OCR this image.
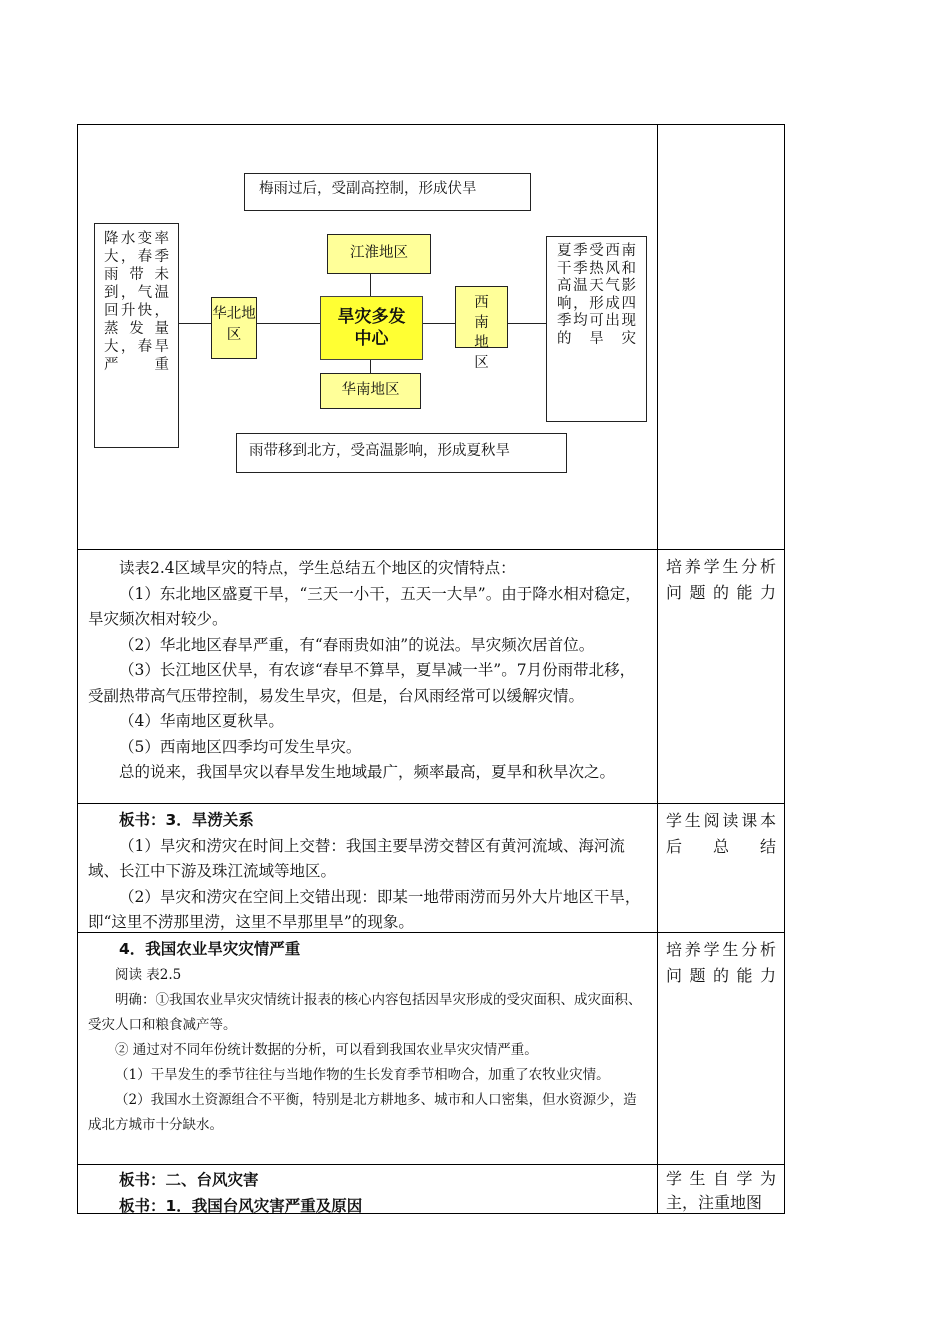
读表2.4区域旱灾的特点，学生总结五个地区的灾情特点：

（1）东北地区盛夏干旱，“三天一小干，五天一大旱”。由于降水相对稳定，旱灾频次相对较少。

（2）华北地区春旱严重，有“春雨贵如油”的说法。旱灾频次居首位。

（3）长江地区伏旱，有农谚“春早不算旱，夏旱减一半”。7月份雨带北移，受副热带高气压带控制，易发生旱灾，但是，台风雨经常可以缓解灾情。

（4）华南地区夏秋旱。

（5）西南地区四季均可发生旱灾。

总的说来，我国旱灾以春旱发生地域最广，频率最高，夏旱和秋旱次之。

培养学生分析问题的能力

板书：3．旱涝关系

（1）旱灾和涝灾在时间上交替：我国主要旱涝交替区有黄河流域、海河流域、长江中下游及珠江流域等地区。

（2）旱灾和涝灾在空间上交错出现：即某一地带雨涝而另外大片地区干旱，即“这里不涝那里涝，这里不旱那里旱”的现象。

学生阅读课本后总结

4．我国农业旱灾灾情严重

阅读 表2.5

明确：①我国农业旱灾灾情统计报表的核心内容包括因旱灾形成的受灾面积、成灾面积、受灾人口和粮食减产等。

② 通过对不同年份统计数据的分析，可以看到我国农业旱灾灾情严重。

（1）干旱发生的季节往往与当地作物的生长发育季节相吻合，加重了农牧业灾情。

（2）我国水土资源组合不平衡，特别是北方耕地多、城市和人口密集，但水资源少，造成北方城市十分缺水。

培养学生分析问题的能力

板书：二、台风灾害

板书：1．我国台风灾害严重及原因

学生自学为主，注重地图
梅雨过后，受副高控制，形成伏旱
江淮地区
降水变率大，春季雨带未到，气温回升快，蒸发量大，春旱严重
华北地区
旱灾多发中心
西南地区
夏季受西南干季热风和高温天气影响，形成四季均可出现的旱灾
华南地区
雨带移到北方，受高温影响，形成夏秋旱
